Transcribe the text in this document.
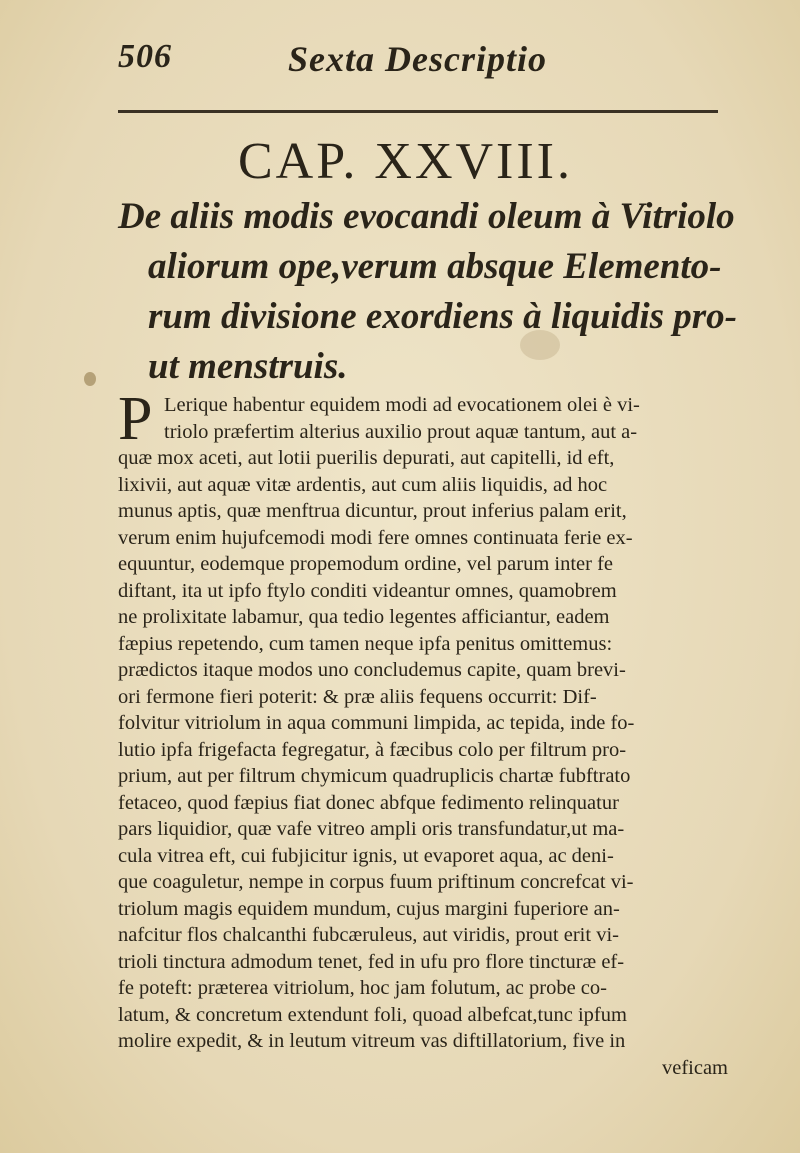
506	Sexta Descriptio
CAP. XXVIII.
De aliis modis evocandi oleum à Vitriolo
aliorum ope,verum absque Elemento-
rum divisione exordiens à liquidis pro-
ut menstruis.
P Lerique habentur equidem modi ad evocationem olei è vi-
triolo præfertim alterius auxilio prout aquæ tantum, aut a-
quæ mox aceti, aut lotii puerilis depurati, aut capitelli, id eft,
lixivii, aut aquæ vitæ ardentis, aut cum aliis liquidis, ad hoc
munus aptis, quæ menftrua dicuntur, prout inferius palam erit,
verum enim hujufcemodi modi fere omnes continuata ferie ex-
equuntur, eodemque propemodum ordine, vel parum inter fe
diftant, ita ut ipfo ftylo conditi videantur omnes, quamobrem
ne prolixitate labamur, qua tedio legentes afficiantur, eadem
fæpius repetendo, cum tamen neque ipfa penitus omittemus:
prædictos itaque modos uno concludemus capite, quam brevi-
ori fermone fieri poterit: & præ aliis fequens occurrit: Dif-
folvitur vitriolum in aqua communi limpida, ac tepida, inde fo-
lutio ipfa frigefacta fegregatur, à fæcibus colo per filtrum pro-
prium, aut per filtrum chymicum quadruplicis chartæ fubftrato
fetaceo, quod fæpius fiat donec abfque fedimento relinquatur
pars liquidior, quæ vafe vitreo ampli oris transfundatur,ut ma-
cula vitrea eft, cui fubjicitur ignis, ut evaporet aqua, ac deni-
que coaguletur, nempe in corpus fuum priftinum concrefcat vi-
triolum magis equidem mundum, cujus margini fuperiore an-
nafcitur flos chalcanthi fubcæruleus, aut viridis, prout erit vi-
trioli tinctura admodum tenet, fed in ufu pro flore tincturæ ef-
fe poteft: præterea vitriolum, hoc jam folutum, ac probe co-
latum, & concretum extendunt foli, quoad albefcat,tunc ipfum
molire expedit, & in leutum vitreum vas diftillatorium, five in
veficam
